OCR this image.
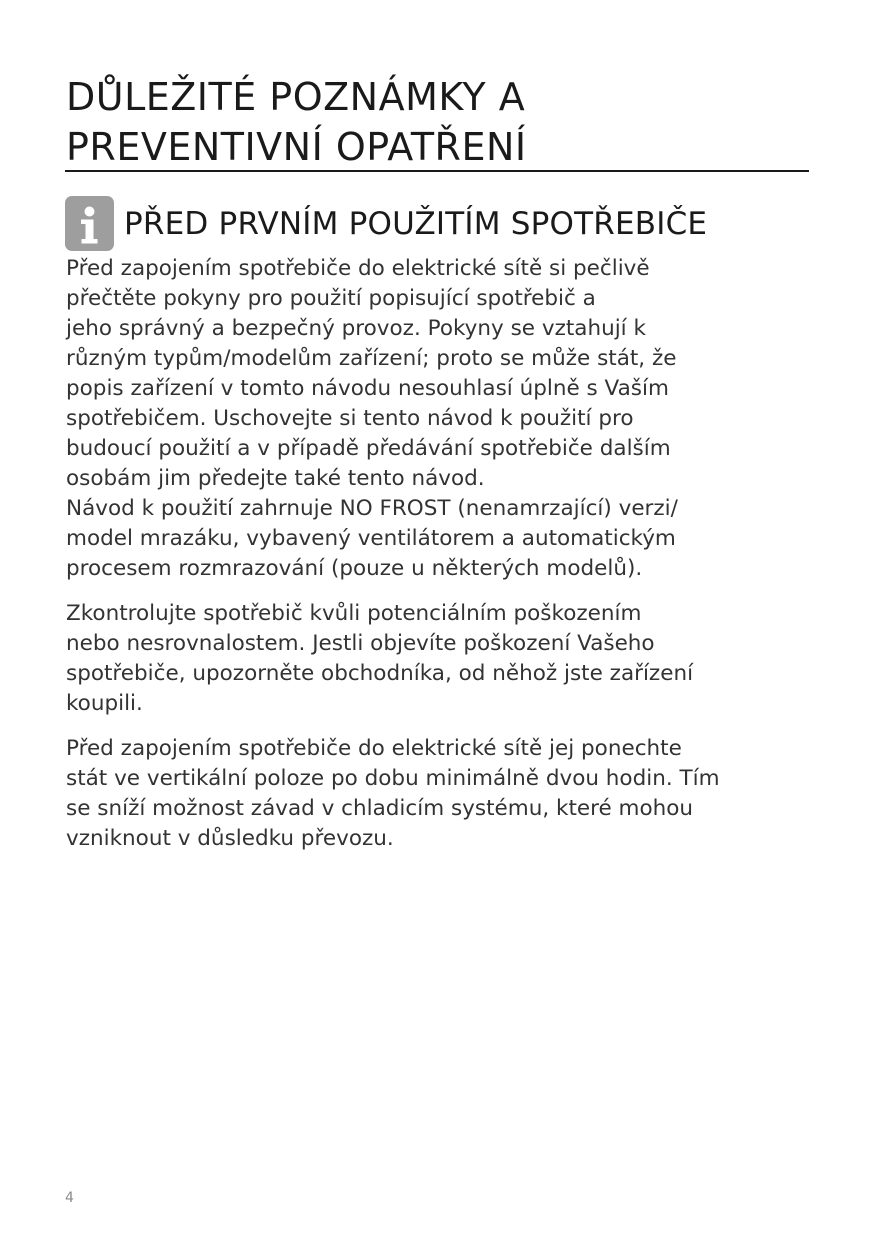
DŮLEŽITÉ POZNÁMKY A
PREVENTIVNÍ OPATŘENÍ
PŘED PRVNÍM POUŽITÍM SPOTŘEBIČE

Před zapojením spotřebiče do elektrické sítě si pečlivě
přečtěte pokyny pro použití popisující spotřebič a
jeho správný a bezpečný provoz. Pokyny se vztahují k
různým typům/modelům zařízení; proto se může stát, že
popis zařízení v tomto návodu nesouhlasí úplně s Vaším
spotřebičem. Uschovejte si tento návod k použití pro
budoucí použití a v případě předávání spotřebiče dalším
osobám jim předejte také tento návod.
Návod k použití zahrnuje NO FROST (nenamrzající) verzi/
model mrazáku, vybavený ventilátorem a automatickým
procesem rozmrazování (pouze u některých modelů).

Zkontrolujte spotřebič kvůli potenciálním poškozením
nebo nesrovnalostem. Jestli objevíte poškození Vašeho
spotřebiče, upozorněte obchodníka, od něhož jste zařízení
koupili.

Před zapojením spotřebiče do elektrické sítě jej ponechte
stát ve vertikální poloze po dobu minimálně dvou hodin. Tím
se sníží možnost závad v chladicím systému, které mohou
vzniknout v důsledku převozu.

4
